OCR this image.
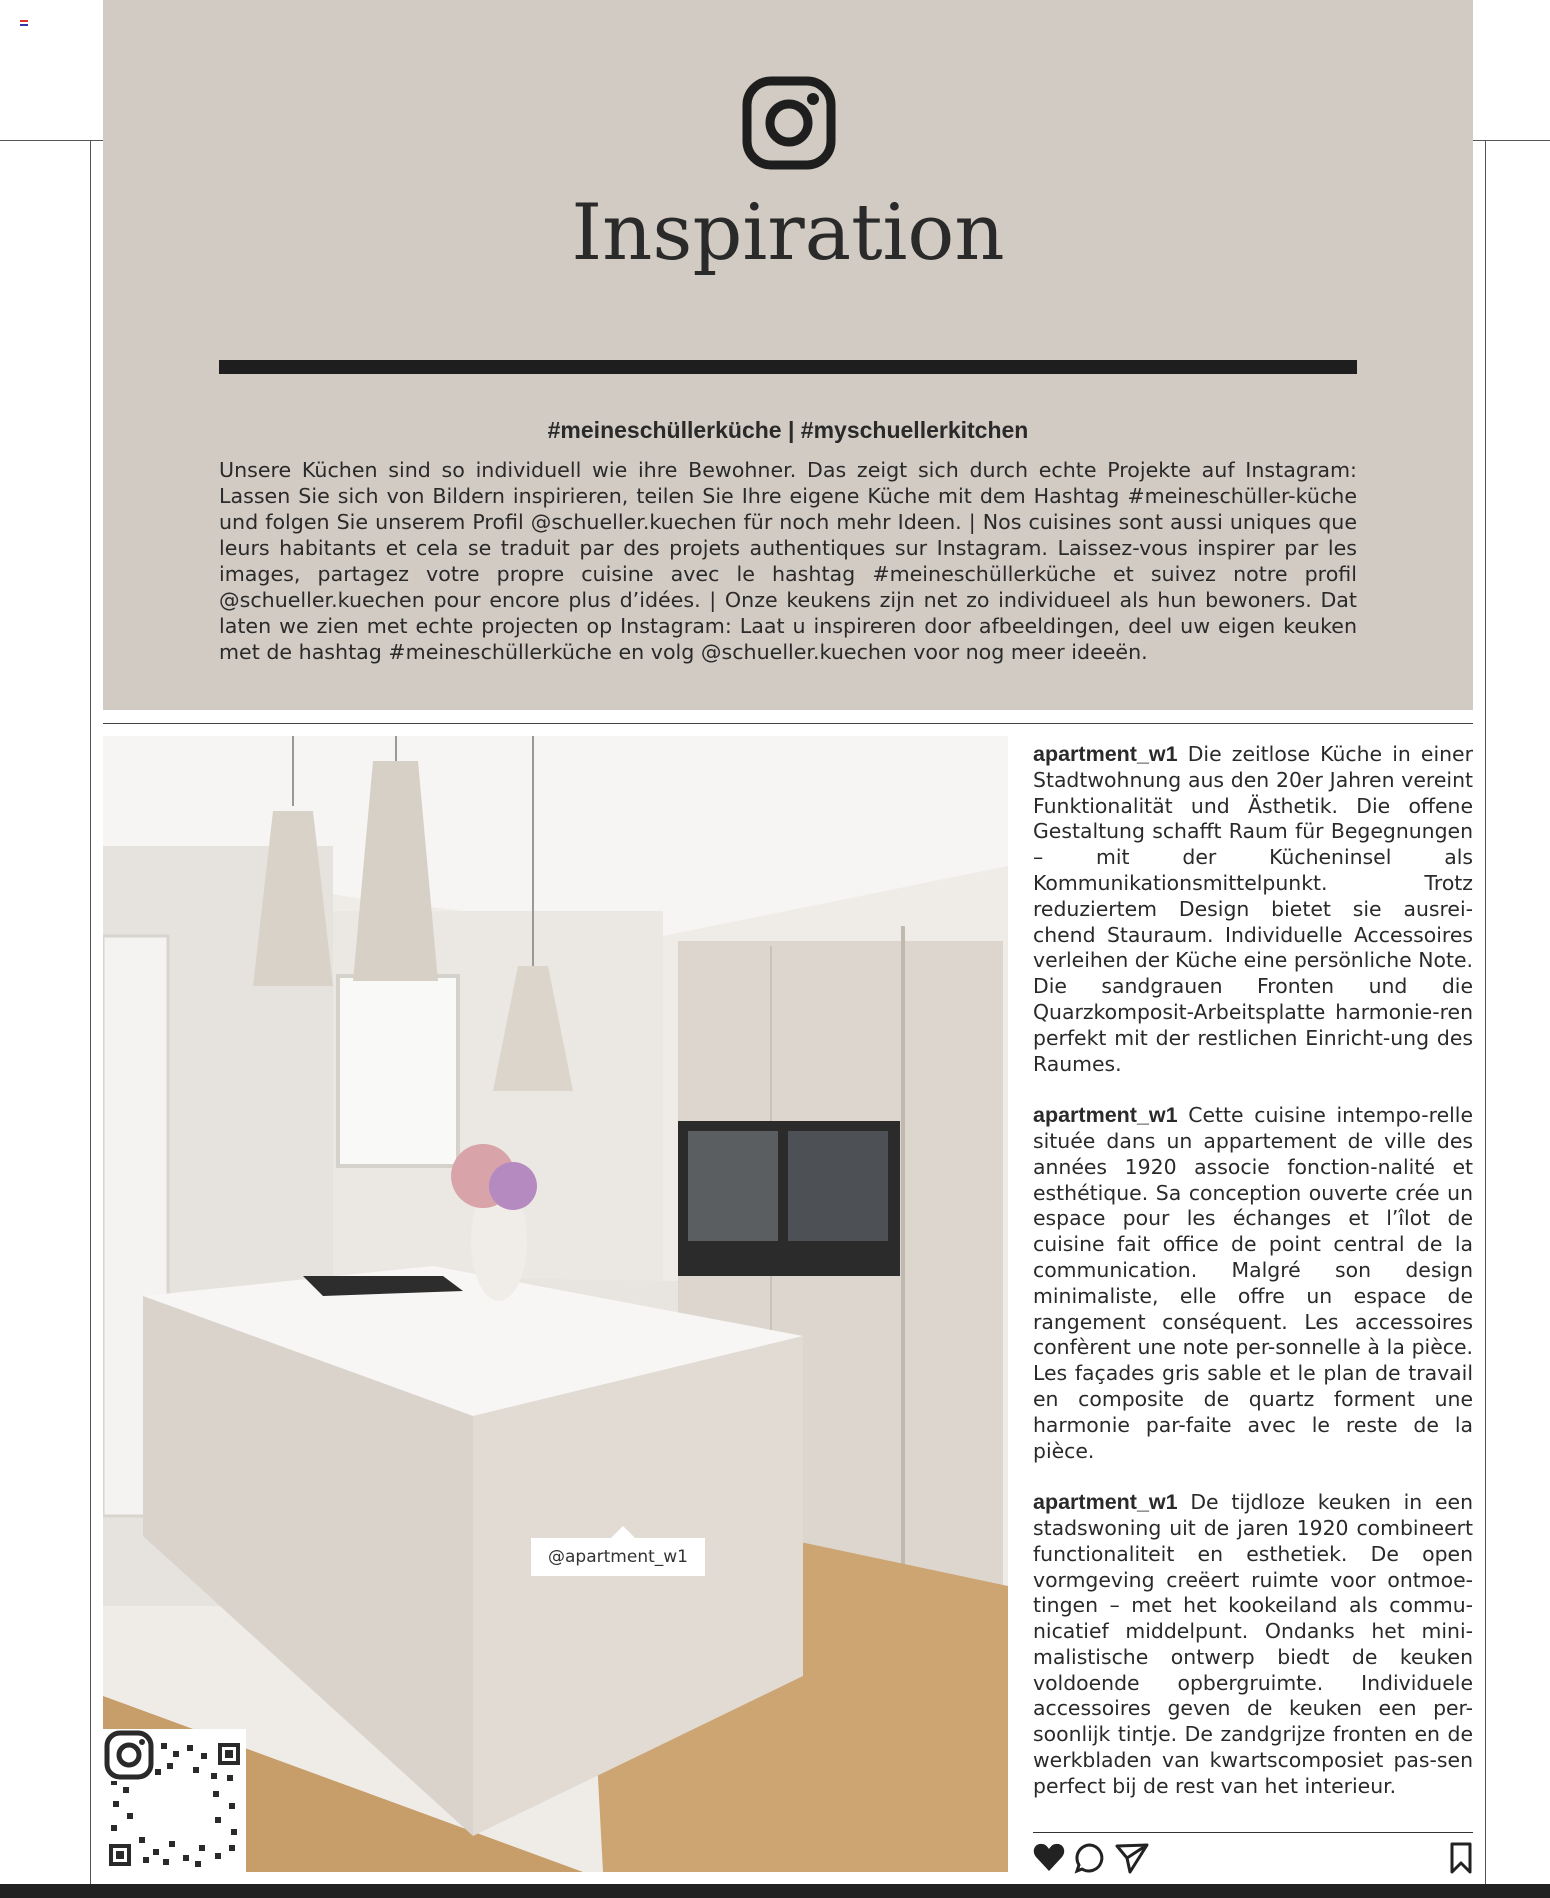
Inspiration
#meineschüllerküche | #myschuellerkitchen

Unsere Küchen sind so individuell wie ihre Bewohner. Das zeigt sich durch echte Projekte auf Instagram: Lassen Sie sich von Bildern inspirieren, teilen Sie Ihre eigene Küche mit dem Hashtag #meineschüller-küche und folgen Sie unserem Profil @schueller.kuechen für noch mehr Ideen. | Nos cuisines sont aussi uniques que leurs habitants et cela se traduit par des projets authentiques sur Instagram. Laissez-vous inspirer par les images, partagez votre propre cuisine avec le hashtag #meineschüllerküche et suivez notre profil @schueller.kuechen pour encore plus d’idées. | Onze keukens zijn net zo individueel als hun bewoners. Dat laten we zien met echte projecten op Instagram: Laat u inspireren door afbeeldingen, deel uw eigen keuken met de hashtag #meineschüllerküche en volg @schueller.kuechen voor nog meer ideeën.

@apartment_w1

apartment_w1 Die zeitlose Küche in einer Stadtwohnung aus den 20er Jahren vereint Funktionalität und Ästhetik. Die offene Gestaltung schafft Raum für Begegnungen – mit der Kücheninsel als Kommunikationsmittelpunkt. Trotz reduziertem Design bietet sie ausrei-chend Stauraum. Individuelle Accessoires verleihen der Küche eine persönliche Note. Die sandgrauen Fronten und die Quarzkomposit-Arbeitsplatte harmonie-ren perfekt mit der restlichen Einricht-ung des Raumes.

apartment_w1 Cette cuisine intempo-relle située dans un appartement de ville des années 1920 associe fonction-nalité et esthétique. Sa conception ouverte crée un espace pour les échanges et l’îlot de cuisine fait office de point central de la communication. Malgré son design minimaliste, elle offre un espace de rangement conséquent. Les accessoires confèrent une note per-sonnelle à la pièce. Les façades gris sable et le plan de travail en composite de quartz forment une harmonie par-faite avec le reste de la pièce.

apartment_w1 De tijdloze keuken in een stadswoning uit de jaren 1920 combineert functionaliteit en esthetiek. De open vormgeving creëert ruimte voor ontmoe-tingen – met het kookeiland als commu-nicatief middelpunt. Ondanks het mini-malistische ontwerp biedt de keuken voldoende opbergruimte. Individuele accessoires geven de keuken een per-soonlijk tintje. De zandgrijze fronten en de werkbladen van kwartscomposiet pas-sen perfect bij de rest van het interieur.
